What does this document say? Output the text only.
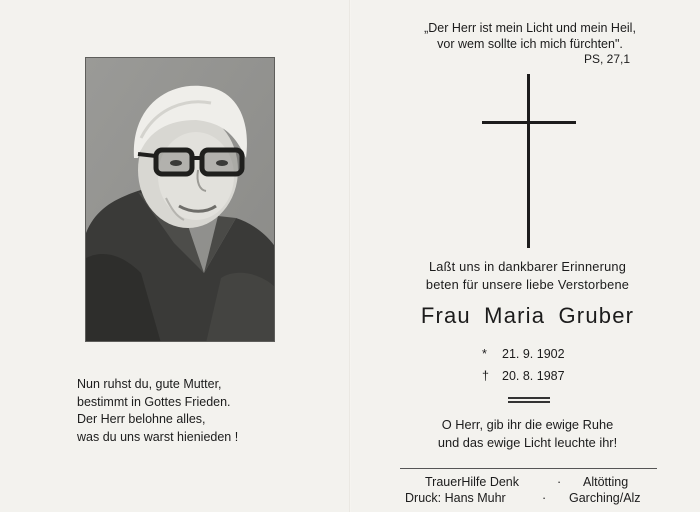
Nun ruhst du, gute Mutter,
bestimmt in Gottes Frieden.
Der Herr belohne alles,
was du uns warst hienieden !
„Der Herr ist mein Licht und mein Heil,
vor wem sollte ich mich fürchten".
PS, 27,1
Laßt uns in dankbarer Erinnerung
beten für unsere liebe Verstorbene
Frau Maria Gruber
* 21. 9. 1902
† 20. 8. 1987
O Herr, gib ihr die ewige Ruhe
und das ewige Licht leuchte ihr!
TrauerHilfe Denk	· Altötting
Druck: Hans Muhr	· Garching/Alz
